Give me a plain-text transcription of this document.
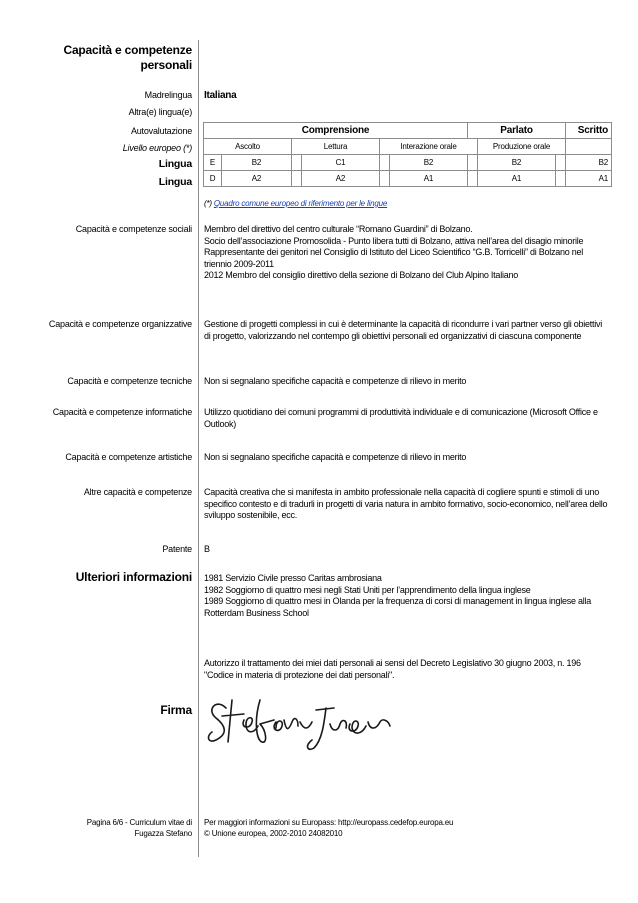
Capacità e competenze
personali
Madrelingua Italiana
Altra(e) lingua(e)
Autovalutazione
Livello europeo (*)
Lingua
Lingua
Comprensione						Parlato			Scritto
Ascolto		Lettura		Interazione orale			Produzione orale		
E	B2		C1		B2		B2		B2
D	A2		A2		A1		A1		A1
(*) Quadro comune europeo di riferimento per le lingue
Capacità e competenze sociali Membro del direttivo del centro culturale “Romano Guardini” di Bolzano.

Socio dell’associazione Promosolida - Punto libera tutti di Bolzano, attiva nell’area del disagio minorile

Rappresentante dei genitori nel Consiglio di Istituto del Liceo Scientifico “G.B. Torricelli” di Bolzano nel triennio 2009-2011

2012 Membro del consiglio direttivo della sezione di Bolzano del Club Alpino Italiano

Capacità e competenze organizzative Gestione di progetti complessi in cui è determinante la capacità di ricondurre i vari partner verso gli obiettivi di progetto, valorizzando nel contempo gli obiettivi personali ed organizzativi di ciascuna componente
Capacità e competenze tecniche Non si segnalano specifiche capacità e competenze di rilievo in merito
Capacità e competenze informatiche Utilizzo quotidiano dei comuni programmi di produttività individuale e di comunicazione (Microsoft Office e Outlook)
Capacità e competenze artistiche Non si segnalano specifiche capacità e competenze di rilievo in merito
Altre capacità e competenze Capacità creativa che si manifesta in ambito professionale nella capacità di cogliere spunti e stimoli di uno specifico contesto e di tradurli in progetti di varia natura in ambito formativo, socio-economico, nell’area dello sviluppo sostenibile, ecc.
Patente B
Ulteriori informazioni 1981 Servizio Civile presso Caritas ambrosiana

1982 Soggiorno di quattro mesi negli Stati Uniti per l’apprendimento della lingua inglese

1989 Soggiorno di quattro mesi in Olanda per la frequenza di corsi di management in lingua inglese alla Rotterdam Business School

Autorizzo il trattamento dei miei dati personali ai sensi del Decreto Legislativo 30 giugno 2003, n. 196 "Codice in materia di protezione dei dati personali".
Firma
Pagina 6/6 - Curriculum vitae di
Fugazza Stefano
Per maggiori informazioni su Europass: http://europass.cedefop.europa.eu
© Unione europea, 2002-2010 24082010
